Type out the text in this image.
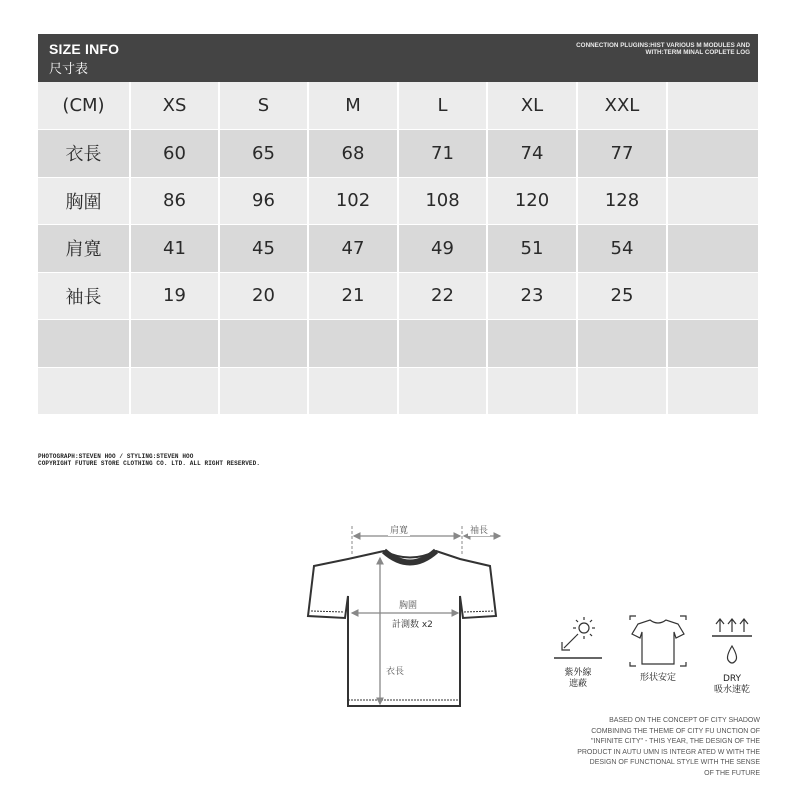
SIZE INFO
尺寸表
CONNECTION PLUGINS:HIST VARIOUS M MODULES AND
WITH:TERM MINAL COPLETE LOG
(CM)	XS	S	M	L	XL	XXL	
衣長	60	65	68	71	74	77	
胸圍	86	96	102	108	120	128	
肩寬	41	45	47	49	51	54	
袖長	19	20	21	22	23	25	

PHOTOGRAPH:STEVEN HOO / STYLING:STEVEN HOO
COPYRIGHT FUTURE STORE CLOTHING CO. LTD. ALL RIGHT RESERVED.
肩寬	袖長
胸圍
計測数 x2
衣長	紫外線
遮蔽
形状安定	DRY
吸水速乾
BASED ON THE CONCEPT OF CITY SHADOW
COMBINING THE THEME OF CITY FU UNCTION OF
"INFINITE CITY" - THIS YEAR, THE DESIGN OF THE
PRODUCT IN AUTU UMN IS INTEGR ATED W WITH THE
DESIGN OF FUNCTIONAL STYLE WITH THE SENSE
OF THE FUTURE
